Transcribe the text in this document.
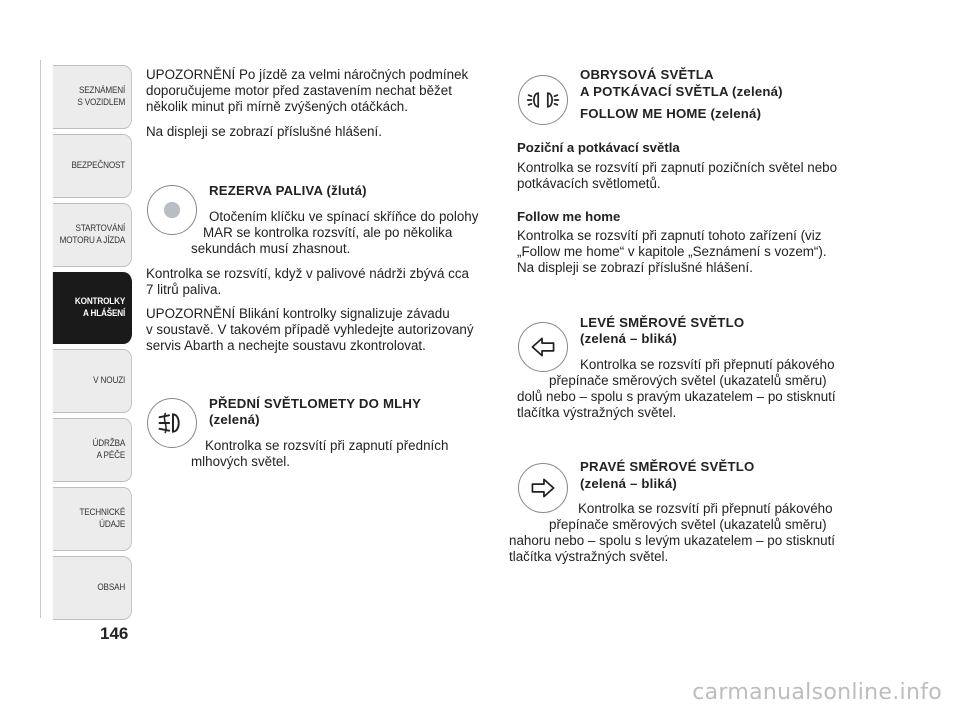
SEZNÁMENÍ
S VOZIDLEM
BEZPEČNOST
STARTOVÁNÍ
MOTORU A JÍZDA
KONTROLKY
A HLÁŠENÍ
V NOUZI
ÚDRŽBA
A PÉČE
TECHNICKÉ
ÚDAJE
OBSAH
146
UPOZORNĚNÍ Po jízdě za velmi náročných podmínek
doporučujeme motor před zastavením nechat běžet
několik minut při mírně zvýšených otáčkách.
Na displeji se zobrazí příslušné hlášení.
REZERVA PALIVA (žlutá)
Otočením klíčku ve spínací skříňce do polohy
MAR se kontrolka rozsvítí, ale po několika
sekundách musí zhasnout.
Kontrolka se rozsvítí, když v palivové nádrži zbývá cca
7 litrů paliva.
UPOZORNĚNÍ Blikání kontrolky signalizuje závadu
v soustavě. V takovém případě vyhledejte autorizovaný
servis Abarth a nechejte soustavu zkontrolovat.
PŘEDNÍ SVĚTLOMETY DO MLHY
(zelená)
Kontrolka se rozsvítí při zapnutí předních
mlhových světel.
OBRYSOVÁ SVĚTLA
A POTKÁVACÍ SVĚTLA (zelená)
FOLLOW ME HOME (zelená)
Poziční a potkávací světla
Kontrolka se rozsvítí při zapnutí pozičních světel nebo
potkávacích světlometů.
Follow me home
Kontrolka se rozsvítí při zapnutí tohoto zařízení (viz
„Follow me home“ v kapitole „Seznámení s vozem“).
Na displeji se zobrazí příslušné hlášení.
LEVÉ SMĚROVÉ SVĚTLO
(zelená – bliká)
Kontrolka se rozsvítí při přepnutí pákového
přepínače směrových světel (ukazatelů směru)
dolů nebo – spolu s pravým ukazatelem – po stisknutí
tlačítka výstražných světel.
PRAVÉ SMĚROVÉ SVĚTLO
(zelená – bliká)
Kontrolka se rozsvítí při přepnutí pákového
přepínače směrových světel (ukazatelů směru)
nahoru nebo – spolu s levým ukazatelem – po stisknutí
tlačítka výstražných světel.
carmanualsonline.info
